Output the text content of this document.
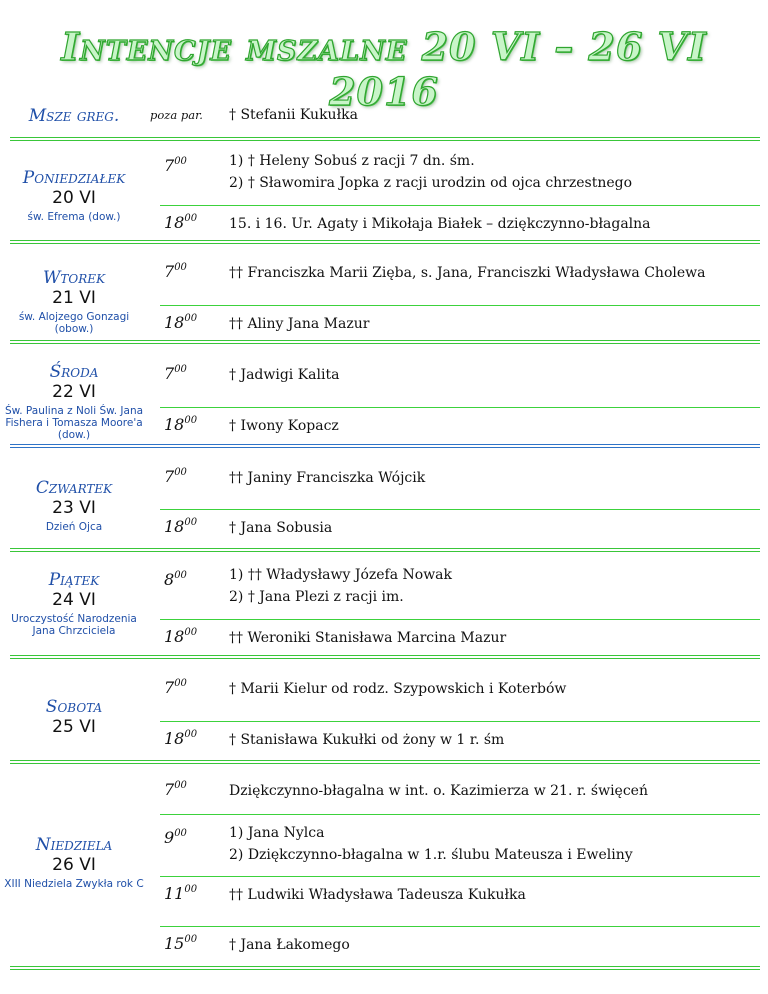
Intencje mszalne 20 VI – 26 VI 2016
Msze greg.	poza par.	† Stefanii Kukułka
Poniedziałek
20 VI
św. Efrema (dow.)
$7^{00}$	1) † Heleny Sobuś z racji 7 dn. śm.
2) † Sławomira Jopka z racji urodzin od ojca chrzestnego
$18^{00}$	15. i 16. Ur. Agaty i Mikołaja Białek – dziękczynno-błagalna
Wtorek
21 VI
św. Alojzego Gonzagi (obow.)
$7^{00}$	†† Franciszka Marii Zięba, s. Jana, Franciszki Władysława Cholewa
$18^{00}$	†† Aliny Jana Mazur
Środa
22 VI
Św. Paulina z Noli Św. Jana Fishera i Tomasza Moore'a (dow.)
$7^{00}$	† Jadwigi Kalita
$18^{00}$	† Iwony Kopacz
Czwartek
23 VI
Dzień Ojca
$7^{00}$	†† Janiny Franciszka Wójcik
$18^{00}$	† Jana Sobusia
Piątek
24 VI
Uroczystość Narodzenia Jana Chrzciciela
$8^{00}$	1) †† Władysławy Józefa Nowak
2) † Jana Plezi z racji im.
$18^{00}$	†† Weroniki Stanisława Marcina Mazur
Sobota
25 VI
$7^{00}$	† Marii Kielur od rodz. Szypowskich i Koterbów
$18^{00}$	† Stanisława Kukułki od żony w 1 r. śm
Niedziela
26 VI
XIII Niedziela Zwykła rok C
$7^{00}$	Dziękczynno-błagalna w int. o. Kazimierza w 21. r. święceń
$9^{00}$	1) Jana Nylca
2) Dziękczynno-błagalna w 1.r. ślubu Mateusza i Eweliny
$11^{00}$	†† Ludwiki Władysława Tadeusza Kukułka
$15^{00}$	† Jana Łakomego
